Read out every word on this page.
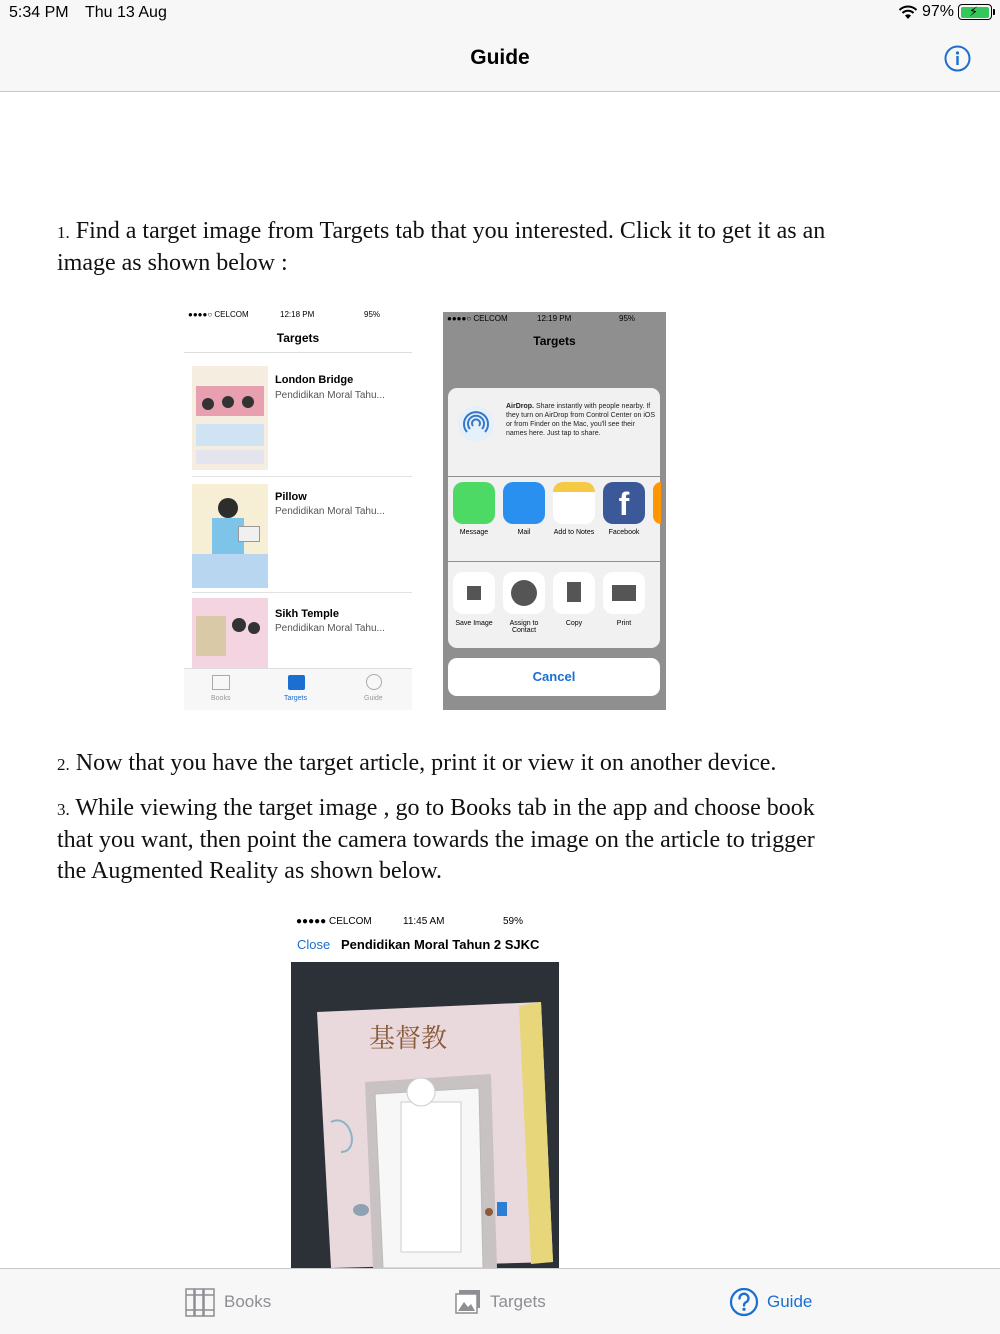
5:34 PM Thu 13 Aug	97% ⚡
Guide

1. Find a target image from Targets tab that you interested. Click it to get it as an image as shown below :

●●●●○ CELCOM	12:18 PM	95%
Targets
London Bridge
Pendidikan Moral Tahu...
Pillow
Pendidikan Moral Tahu...
Sikh Temple
Pendidikan Moral Tahu...
Books	Targets	Guide
●●●●○ CELCOM	12:19 PM	95%
Targets
AirDrop. Share instantly with people nearby. If they turn on AirDrop from Control Center on iOS or from Finder on the Mac, you'll see their names here. Just tap to share.
f
Message	Mail	Add to Notes	Facebook
Save Image	Assign to Contact
Copy	Print
Cancel

2. Now that you have the target article, print it or view it on another device.

3. While viewing the target image , go to Books tab in the app and choose book that you want, then point the camera towards the image on the article to trigger the Augmented Reality as shown below.

●●●●● CELCOM	11:45 AM	59%
Close Pendidikan Moral Tahun 2 SJKC
基督教
Books	Targets	Guide
